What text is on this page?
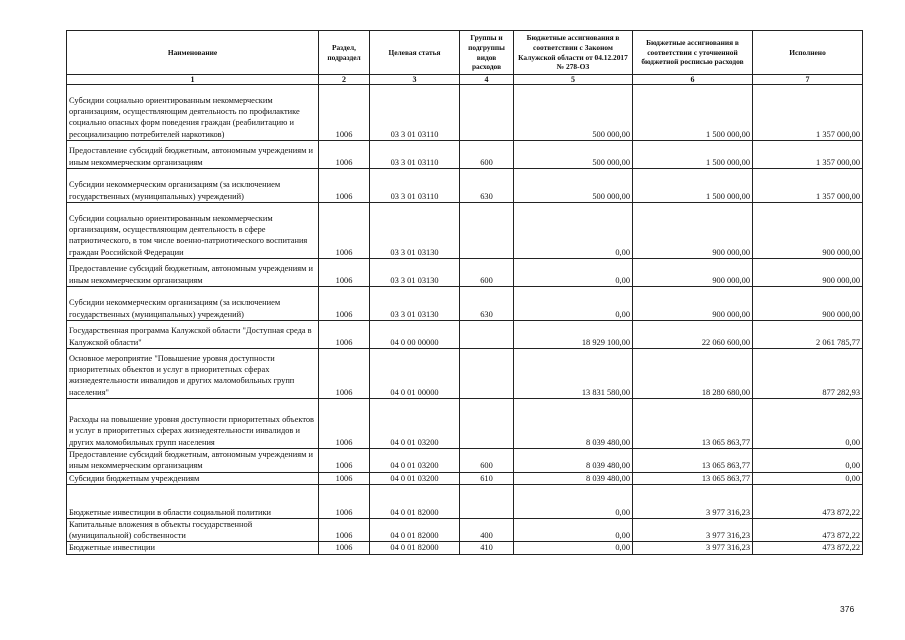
Наименование	Раздел, подраздел	Целевая статья	Группы и подгруппы видов расходов	Бюджетные ассигнования в соответствии с Законом Калужской области от 04.12.2017 № 278-ОЗ	Бюджетные ассигнования в соответствии с уточненной бюджетной росписью расходов	Исполнено
1	2	3	4	5	6	7
Субсидии социально ориентированным некоммерческим организациям, осуществляющим деятельность по профилактике социально опасных форм поведения граждан (реабилитацию и ресоциализацию потребителей наркотиков)	1006	03 3 01 03110		500 000,00	1 500 000,00	1 357 000,00
Предоставление субсидий бюджетным, автономным учреждениям и иным некоммерческим организациям	1006	03 3 01 03110	600	500 000,00	1 500 000,00	1 357 000,00
Субсидии некоммерческим организациям (за исключением государственных (муниципальных) учреждений)	1006	03 3 01 03110	630	500 000,00	1 500 000,00	1 357 000,00
Субсидии социально ориентированным некоммерческим организациям, осуществляющим деятельность в сфере патриотического, в том числе военно-патриотического воспитания граждан Российской Федерации	1006	03 3 01 03130		0,00	900 000,00	900 000,00
Предоставление субсидий бюджетным, автономным учреждениям и иным некоммерческим организациям	1006	03 3 01 03130	600	0,00	900 000,00	900 000,00
Субсидии некоммерческим организациям (за исключением государственных (муниципальных) учреждений)	1006	03 3 01 03130	630	0,00	900 000,00	900 000,00
Государственная программа Калужской области "Доступная среда в Калужской области"	1006	04 0 00 00000		18 929 100,00	22 060 600,00	2 061 785,77
Основное мероприятие "Повышение уровня доступности приоритетных объектов и услуг в приоритетных сферах жизнедеятельности инвалидов и других маломобильных групп населения"	1006	04 0 01 00000		13 831 580,00	18 280 680,00	877 282,93
Расходы на повышение уровня доступности приоритетных объектов и услуг в приоритетных сферах жизнедеятельности инвалидов и других маломобильных групп населения	1006	04 0 01 03200		8 039 480,00	13 065 863,77	0,00
Предоставление субсидий бюджетным, автономным учреждениям и иным некоммерческим организациям	1006	04 0 01 03200	600	8 039 480,00	13 065 863,77	0,00
Субсидии бюджетным учреждениям	1006	04 0 01 03200	610	8 039 480,00	13 065 863,77	0,00
Бюджетные инвестиции в области социальной политики	1006	04 0 01 82000		0,00	3 977 316,23	473 872,22
Капитальные вложения в объекты государственной (муниципальной) собственности	1006	04 0 01 82000	400	0,00	3 977 316,23	473 872,22
Бюджетные инвестиции	1006	04 0 01 82000	410	0,00	3 977 316,23	473 872,22
376
